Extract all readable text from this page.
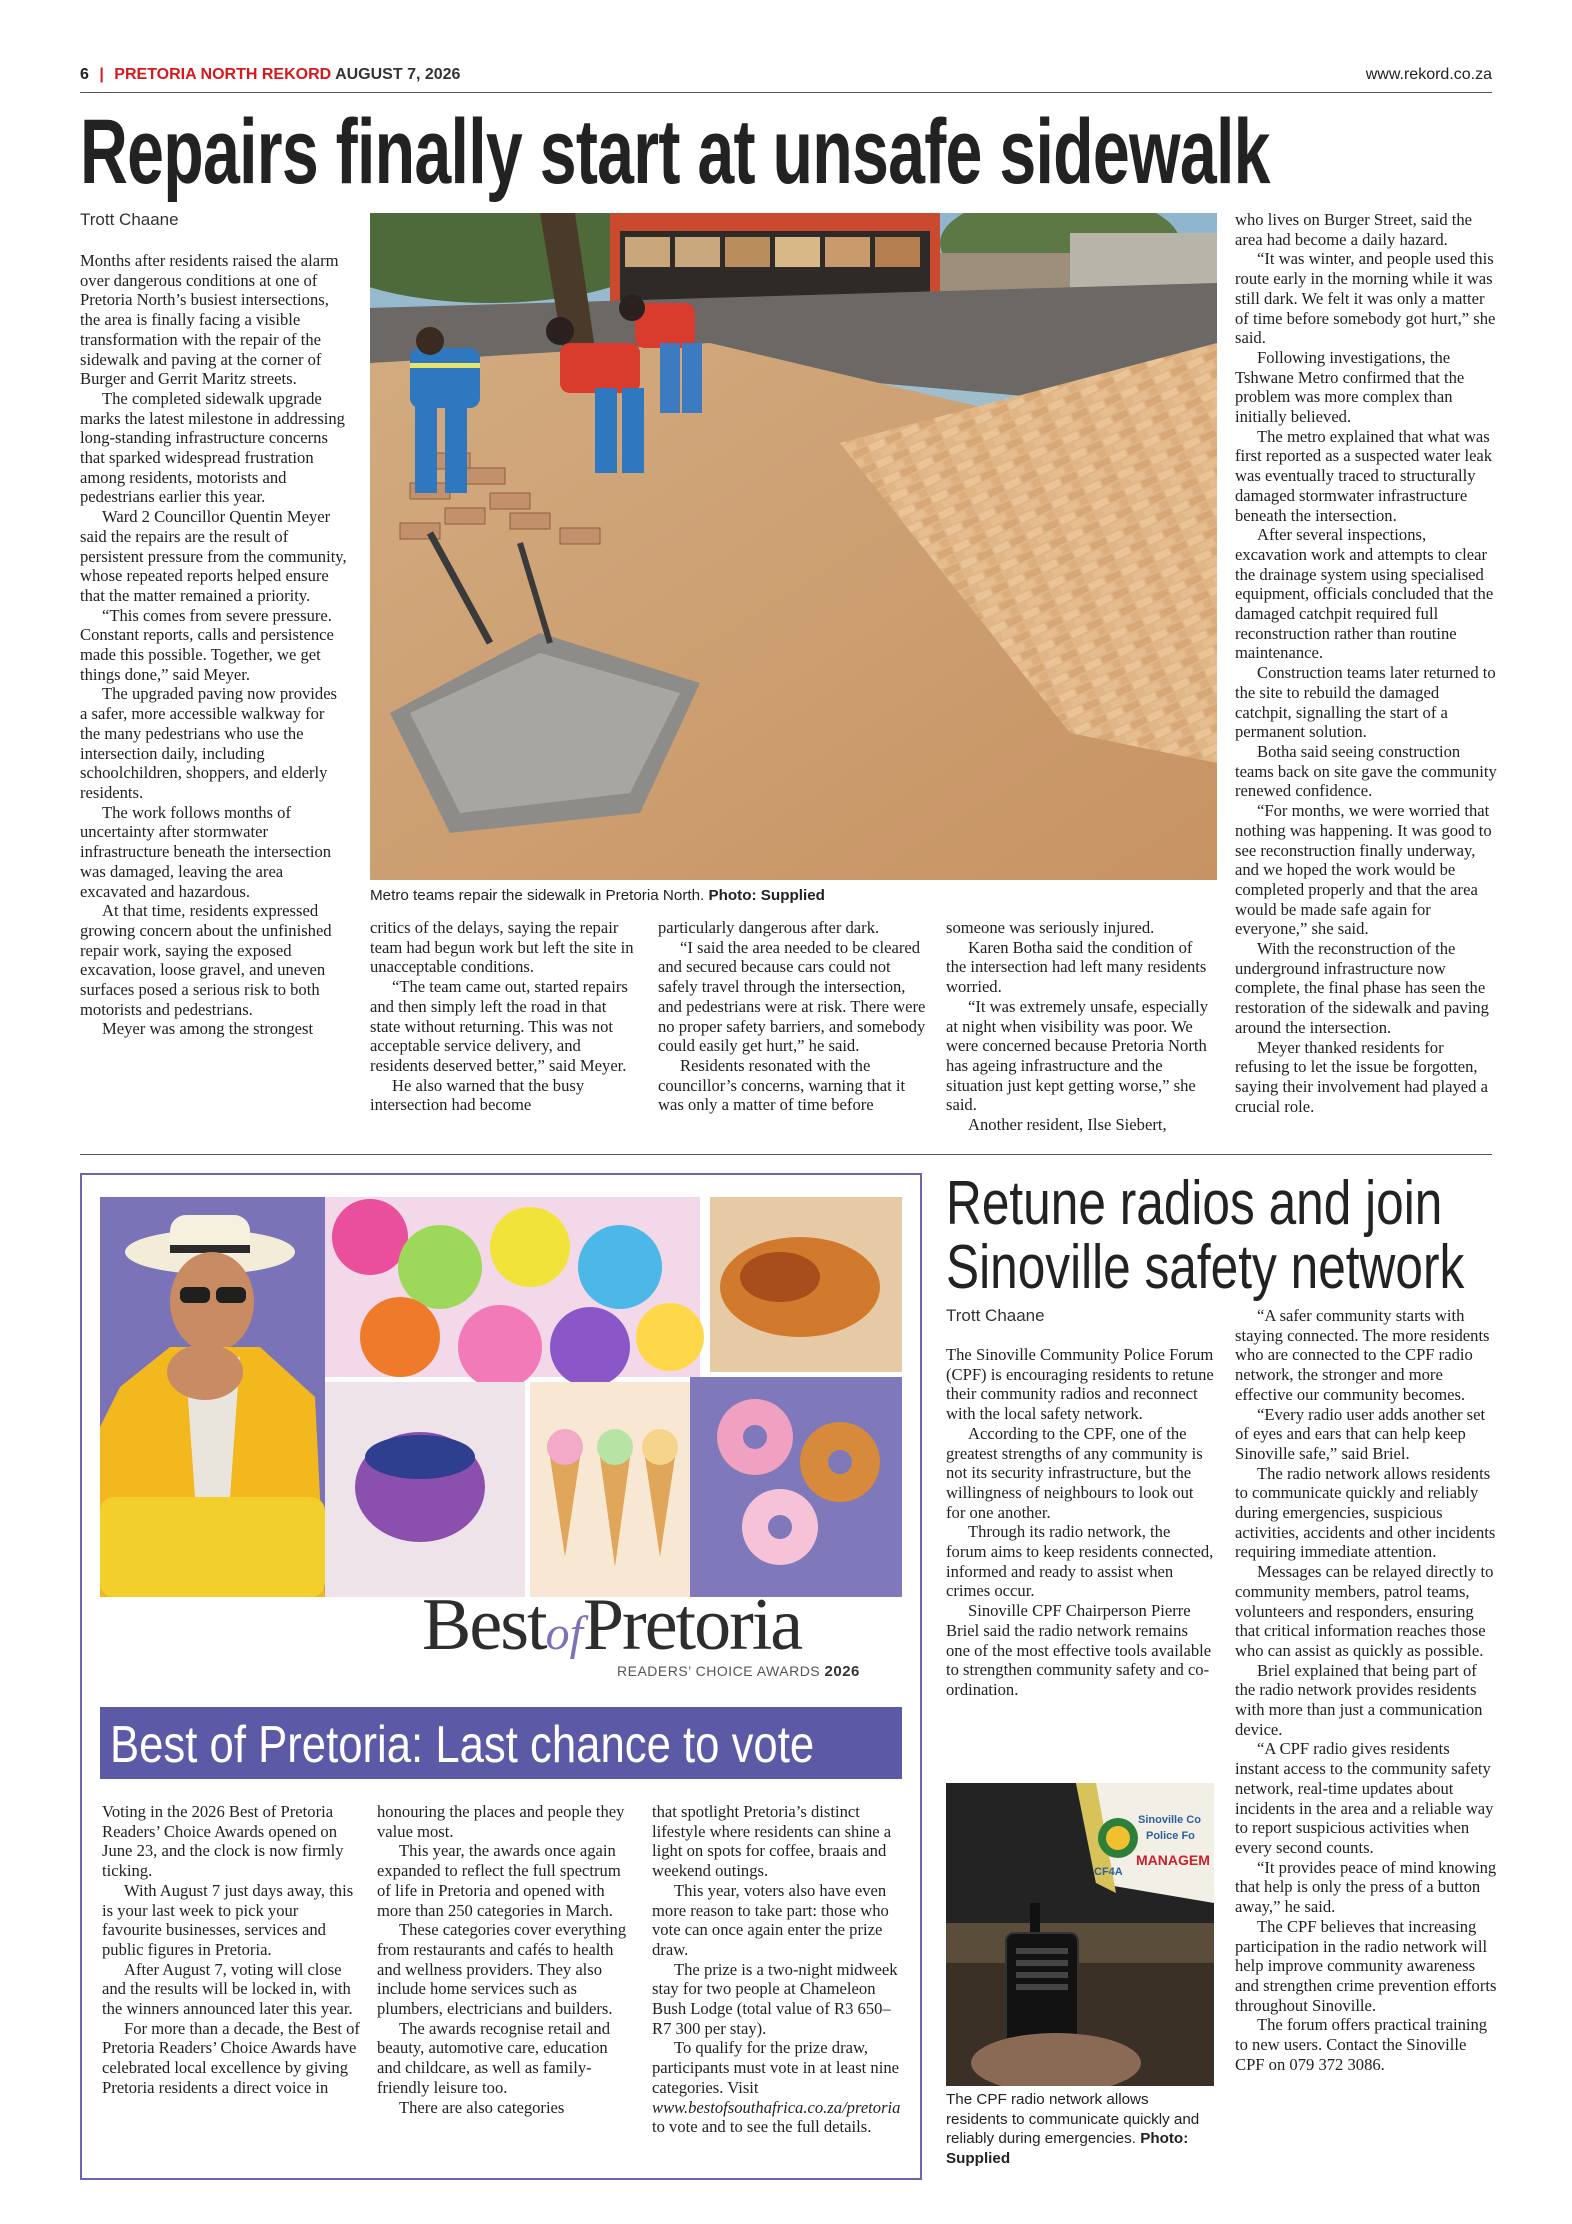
6 | PRETORIA NORTH REKORD AUGUST 7, 2026	www.rekord.co.za
Repairs finally start at unsafe sidewalk
Trott Chaane

Months after residents raised the alarm over dangerous conditions at one of Pretoria North’s busiest intersections, the area is finally facing a visible transformation with the repair of the sidewalk and paving at the corner of Burger and Gerrit Maritz streets.

The completed sidewalk upgrade marks the latest milestone in addressing long-standing infrastructure concerns that sparked widespread frustration among residents, motorists and pedestrians earlier this year.

Ward 2 Councillor Quentin Meyer said the repairs are the result of persistent pressure from the community, whose repeated reports helped ensure that the matter remained a priority.

“This comes from severe pressure. Constant reports, calls and persistence made this possible. Together, we get things done,” said Meyer.

The upgraded paving now provides a safer, more accessible walkway for the many pedestrians who use the intersection daily, including schoolchildren, shoppers, and elderly residents.

The work follows months of uncertainty after stormwater infrastructure beneath the intersection was damaged, leaving the area excavated and hazardous.

At that time, residents expressed growing concern about the unfinished repair work, saying the exposed excavation, loose gravel, and uneven surfaces posed a serious risk to both motorists and pedestrians.

Meyer was among the strongest

Metro teams repair the sidewalk in Pretoria North. Photo: Supplied

critics of the delays, saying the repair team had begun work but left the site in unacceptable conditions.

“The team came out, started repairs and then simply left the road in that state without returning. This was not acceptable service delivery, and residents deserved better,” said Meyer.

He also warned that the busy intersection had become

particularly dangerous after dark.

“I said the area needed to be cleared and secured because cars could not safely travel through the intersection, and pedestrians were at risk. There were no proper safety barriers, and somebody could easily get hurt,” he said.

Residents resonated with the councillor’s concerns, warning that it was only a matter of time before

someone was seriously injured.

Karen Botha said the condition of the intersection had left many residents worried.

“It was extremely unsafe, especially at night when visibility was poor. We were concerned because Pretoria North has ageing infrastructure and the situation just kept getting worse,” she said.

Another resident, Ilse Siebert,

who lives on Burger Street, said the area had become a daily hazard.

“It was winter, and people used this route early in the morning while it was still dark. We felt it was only a matter of time before somebody got hurt,” she said.

Following investigations, the Tshwane Metro confirmed that the problem was more complex than initially believed.

The metro explained that what was first reported as a suspected water leak was eventually traced to structurally damaged stormwater infrastructure beneath the intersection.

After several inspections, excavation work and attempts to clear the drainage system using specialised equipment, officials concluded that the damaged catchpit required full reconstruction rather than routine maintenance.

Construction teams later returned to the site to rebuild the damaged catchpit, signalling the start of a permanent solution.

Botha said seeing construction teams back on site gave the community renewed confidence.

“For months, we were worried that nothing was happening. It was good to see reconstruction finally underway, and we hoped the work would be completed properly and that the area would be made safe again for everyone,” she said.

With the reconstruction of the underground infrastructure now complete, the final phase has seen the restoration of the sidewalk and paving around the intersection.

Meyer thanked residents for refusing to let the issue be forgotten, saying their involvement had played a crucial role.

BestofPretoria
READERS’ CHOICE AWARDS 2026
Best of Pretoria: Last chance to vote

Voting in the 2026 Best of Pretoria Readers’ Choice Awards opened on June 23, and the clock is now firmly ticking.

With August 7 just days away, this is your last week to pick your favourite businesses, services and public figures in Pretoria.

After August 7, voting will close and the results will be locked in, with the winners announced later this year.

For more than a decade, the Best of Pretoria Readers’ Choice Awards have celebrated local excellence by giving Pretoria residents a direct voice in

honouring the places and people they value most.

This year, the awards once again expanded to reflect the full spectrum of life in Pretoria and opened with more than 250 categories in March.

These categories cover everything from restaurants and cafés to health and wellness providers. They also include home services such as plumbers, electricians and builders.

The awards recognise retail and beauty, automotive care, education and childcare, as well as family-friendly leisure too.

There are also categories

that spotlight Pretoria’s distinct lifestyle where residents can shine a light on spots for coffee, braais and weekend outings.

This year, voters also have even more reason to take part: those who vote can once again enter the prize draw.

The prize is a two-night midweek stay for two people at Chameleon Bush Lodge (total value of R3 650–R7 300 per stay).

To qualify for the prize draw, participants must vote in at least nine categories. Visit www.bestofsouthafrica.co.za/pretoria to vote and to see the full details.

Retune radios and join
Sinoville safety network
Trott Chaane

The Sinoville Community Police Forum (CPF) is encouraging residents to retune their community radios and reconnect with the local safety network.

According to the CPF, one of the greatest strengths of any community is not its security infrastructure, but the willingness of neighbours to look out for one another.

Through its radio network, the forum aims to keep residents connected, informed and ready to assist when crimes occur.

Sinoville CPF Chairperson Pierre Briel said the radio network remains one of the most effective tools available to strengthen community safety and co-ordination.

Sinoville Co
Police Fo
MANAGEM
CF4A
The CPF radio network allows residents to communicate quickly and reliably during emergencies. Photo: Supplied

“A safer community starts with staying connected. The more residents who are connected to the CPF radio network, the stronger and more effective our community becomes.

“Every radio user adds another set of eyes and ears that can help keep Sinoville safe,” said Briel.

The radio network allows residents to communicate quickly and reliably during emergencies, suspicious activities, accidents and other incidents requiring immediate attention.

Messages can be relayed directly to community members, patrol teams, volunteers and responders, ensuring that critical information reaches those who can assist as quickly as possible.

Briel explained that being part of the radio network provides residents with more than just a communication device.

“A CPF radio gives residents instant access to the community safety network, real-time updates about incidents in the area and a reliable way to report suspicious activities when every second counts.

“It provides peace of mind knowing that help is only the press of a button away,” he said.

The CPF believes that increasing participation in the radio network will help improve community awareness and strengthen crime prevention efforts throughout Sinoville.

The forum offers practical training to new users. Contact the Sinoville CPF on 079 372 3086.
